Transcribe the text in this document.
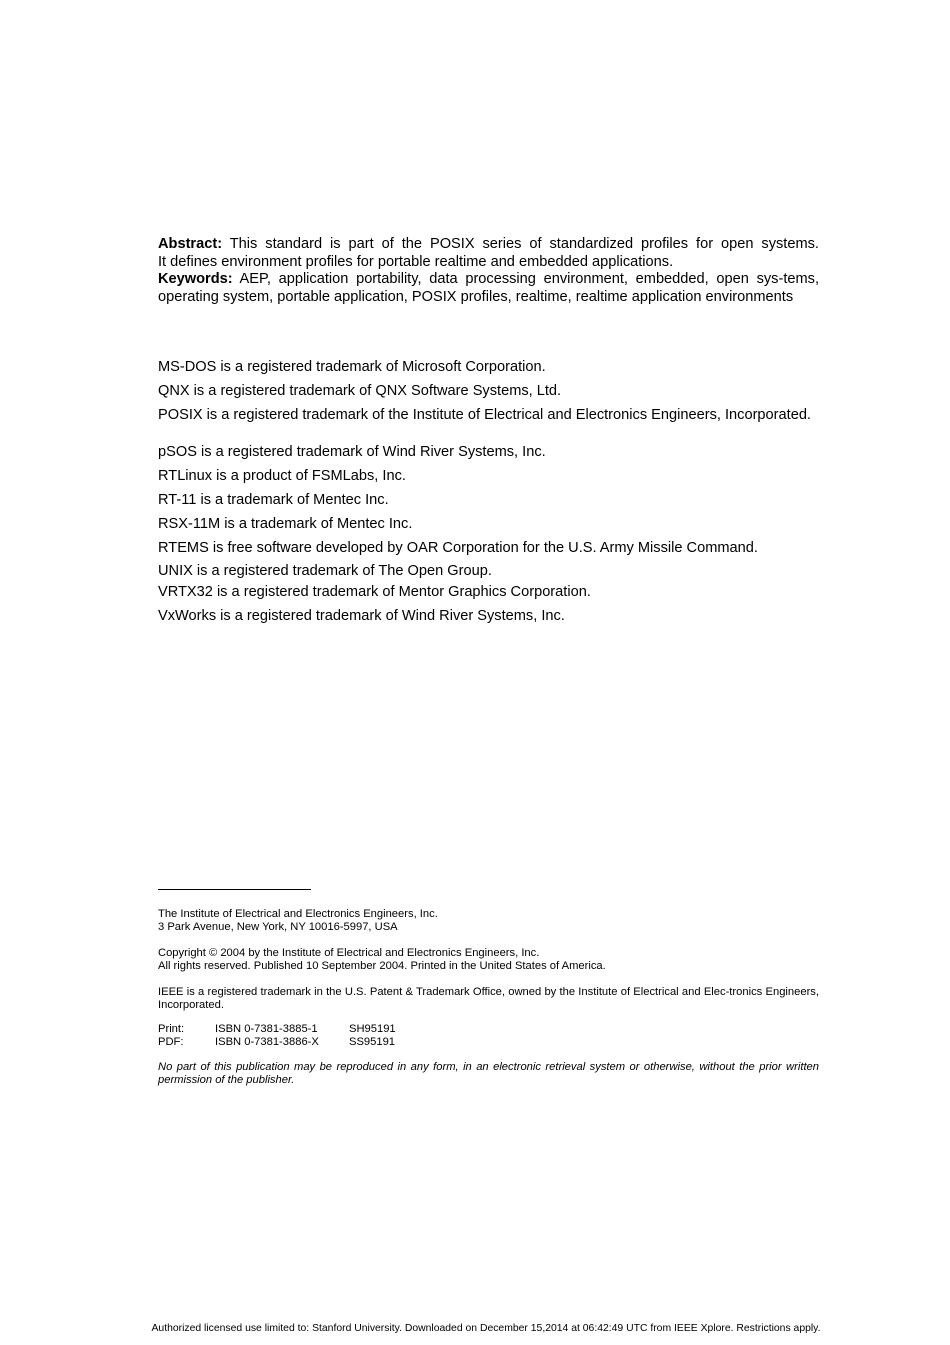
Abstract: This standard is part of the POSIX series of standardized profiles for open systems.
It defines environment profiles for portable realtime and embedded applications.

Keywords: AEP, application portability, data processing environment, embedded, open sys-tems, operating system, portable application, POSIX profiles, realtime, realtime application environments

MS-DOS is a registered trademark of Microsoft Corporation.
QNX is a registered trademark of QNX Software Systems, Ltd.
POSIX is a registered trademark of the Institute of Electrical and Electronics Engineers, Incorporated.
pSOS is a registered trademark of Wind River Systems, Inc.
RTLinux is a product of FSMLabs, Inc.
RT-11 is a trademark of Mentec Inc.
RSX-11M is a trademark of Mentec Inc.
RTEMS is free software developed by OAR Corporation for the U.S. Army Missile Command.
UNIX is a registered trademark of The Open Group.
VRTX32 is a registered trademark of Mentor Graphics Corporation.
VxWorks is a registered trademark of Wind River Systems, Inc.

The Institute of Electrical and Electronics Engineers, Inc.

3 Park Avenue, New York, NY 10016-5997, USA

Copyright © 2004 by the Institute of Electrical and Electronics Engineers, Inc.

All rights reserved. Published 10 September 2004. Printed in the United States of America.

IEEE is a registered trademark in the U.S. Patent & Trademark Office, owned by the Institute of Electrical and Elec-tronics Engineers, Incorporated.
Print:	ISBN 0-7381-3885-1	SH95191
PDF:	ISBN 0-7381-3886-X	SS95191
No part of this publication may be reproduced in any form, in an electronic retrieval system or otherwise, without the prior written permission of the publisher.
Authorized licensed use limited to: Stanford University. Downloaded on December 15,2014 at 06:42:49 UTC from IEEE Xplore. Restrictions apply.
